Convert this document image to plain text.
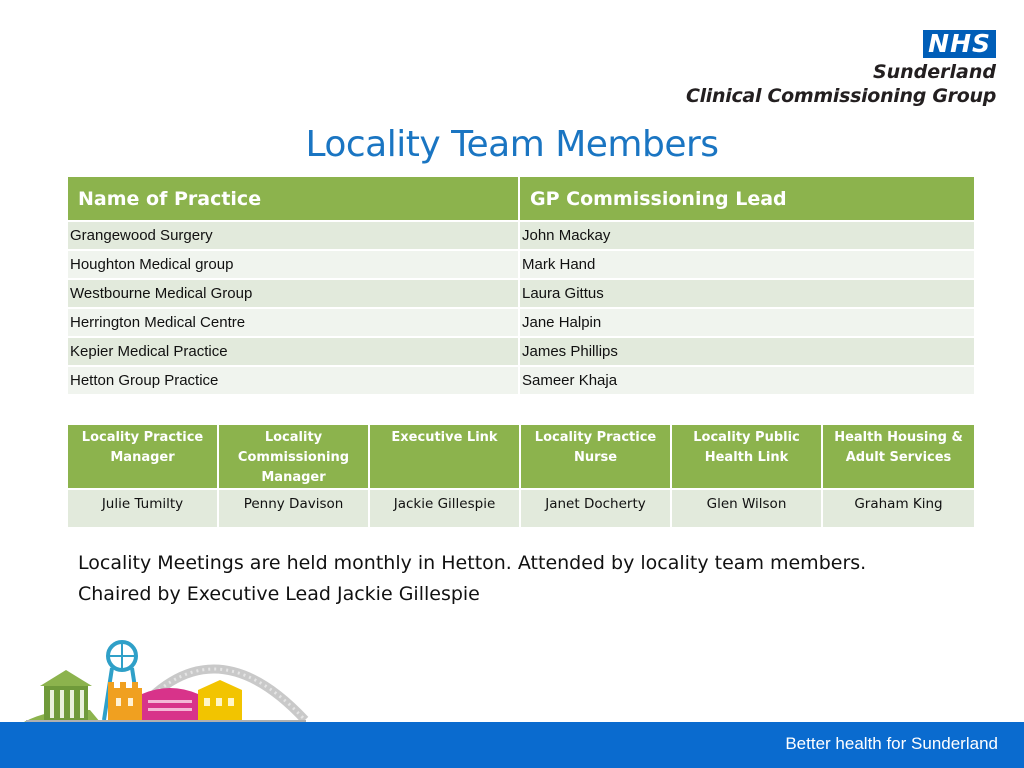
NHS
Sunderland
Clinical Commissioning Group
Locality Team Members
Name of Practice	GP Commissioning Lead
Grangewood Surgery	John Mackay
Houghton Medical group	Mark Hand
Westbourne Medical Group	Laura Gittus
Herrington Medical Centre	Jane Halpin
Kepier Medical Practice	James Phillips
Hetton Group Practice	Sameer Khaja
Locality Practice Manager	Locality Commissioning Manager	Executive Link	Locality Practice Nurse	Locality Public Health Link	Health Housing & Adult Services
Julie Tumilty	Penny Davison	Jackie Gillespie	Janet Docherty	Glen Wilson	Graham King
Locality Meetings are held monthly in Hetton. Attended by locality team members.
Chaired by Executive Lead Jackie Gillespie
Better health for Sunderland
